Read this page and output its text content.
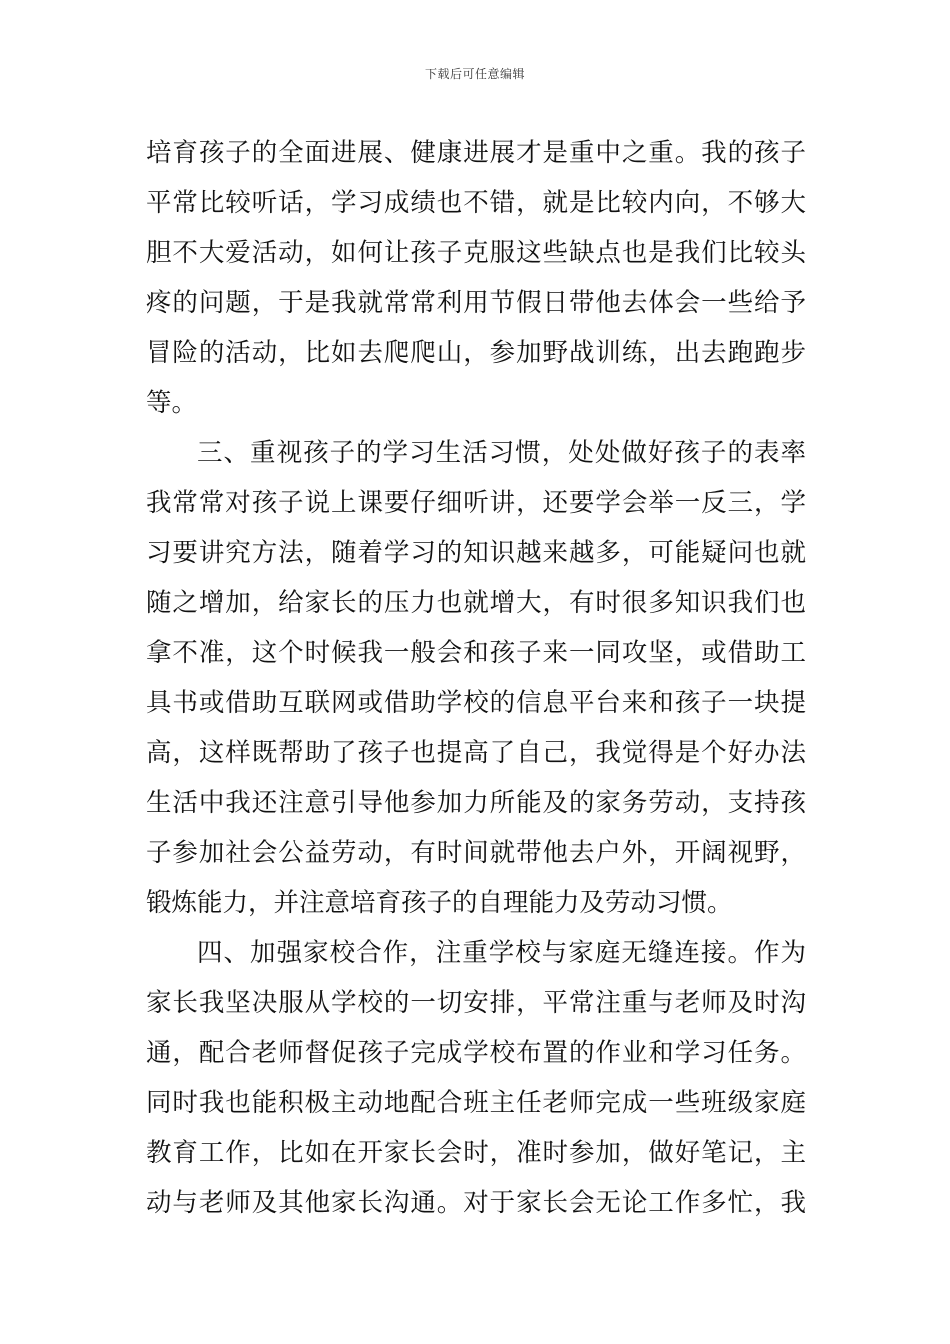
下载后可任意编辑
培育孩子的全面进展、健康进展才是重中之重。我的孩子
平常比较听话，学习成绩也不错，就是比较内向，不够大
胆不大爱活动，如何让孩子克服这些缺点也是我们比较头
疼的问题，于是我就常常利用节假日带他去体会一些给予
冒险的活动，比如去爬爬山，参加野战训练，出去跑跑步
等。
三、重视孩子的学习生活习惯，处处做好孩子的表率
我常常对孩子说上课要仔细听讲，还要学会举一反三，学
习要讲究方法，随着学习的知识越来越多，可能疑问也就
随之增加，给家长的压力也就增大，有时很多知识我们也
拿不准，这个时候我一般会和孩子来一同攻坚，或借助工
具书或借助互联网或借助学校的信息平台来和孩子一块提
高，这样既帮助了孩子也提高了自己，我觉得是个好办法
生活中我还注意引导他参加力所能及的家务劳动，支持孩
子参加社会公益劳动，有时间就带他去户外，开阔视野，
锻炼能力，并注意培育孩子的自理能力及劳动习惯。
四、加强家校合作，注重学校与家庭无缝连接。作为
家长我坚决服从学校的一切安排，平常注重与老师及时沟
通，配合老师督促孩子完成学校布置的作业和学习任务。
同时我也能积极主动地配合班主任老师完成一些班级家庭
教育工作，比如在开家长会时，准时参加，做好笔记，主
动与老师及其他家长沟通。对于家长会无论工作多忙，我
